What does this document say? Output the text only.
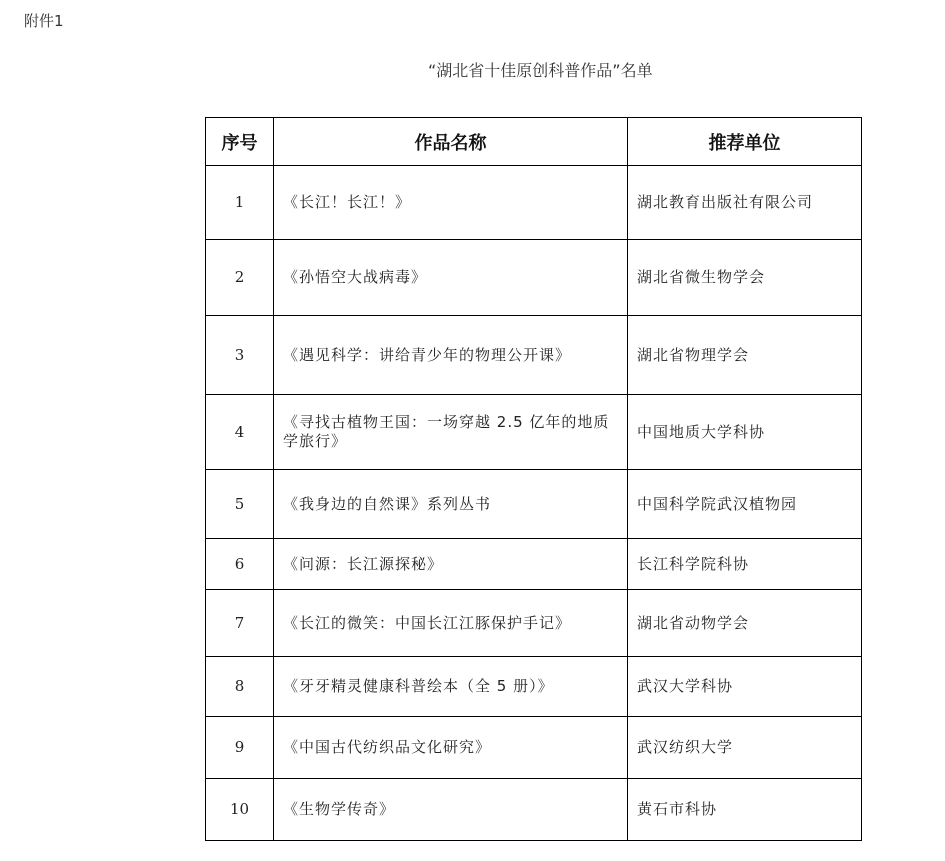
附件1
“湖北省十佳原创科普作品”名单
序号	作品名称	推荐单位
1	《长江！长江！》	湖北教育出版社有限公司
2	《孙悟空大战病毒》	湖北省微生物学会
3	《遇见科学：讲给青少年的物理公开课》	湖北省物理学会
4	《寻找古植物王国：一场穿越 2.5 亿年的地质学旅行》	中国地质大学科协
5	《我身边的自然课》系列丛书	中国科学院武汉植物园
6	《问源：长江源探秘》	长江科学院科协
7	《长江的微笑：中国长江江豚保护手记》	湖北省动物学会
8	《牙牙精灵健康科普绘本（全 5 册）》	武汉大学科协
9	《中国古代纺织品文化研究》	武汉纺织大学
10	《生物学传奇》	黄石市科协
